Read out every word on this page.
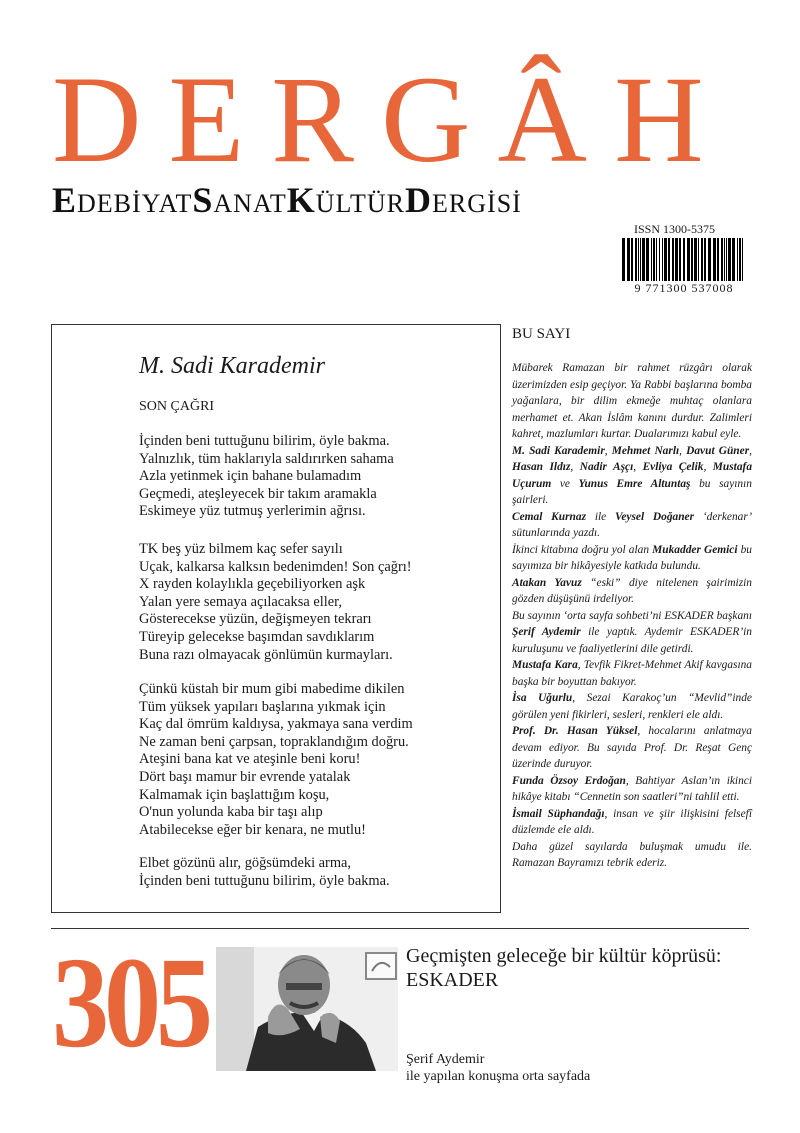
DERGÂH
EDEBİYATSANATKÜLTÜRDERGİSİ
ISSN 1300-5375
9 771300 537008
M. Sadi Karademir
SON ÇAĞRI
İçinden beni tuttuğunu bilirim, öyle bakma.
Yalnızlık, tüm haklarıyla saldırırken sahama
Azla yetinmek için bahane bulamadım
Geçmedi, ateşleyecek bir takım aramakla
Eskimeye yüz tutmuş yerlerimin ağrısı.
TK beş yüz bilmem kaç sefer sayılı
Uçak, kalkarsa kalksın bedenimden! Son çağrı!
X rayden kolaylıkla geçebiliyorken aşk
Yalan yere semaya açılacaksa eller,
Gösterecekse yüzün, değişmeyen tekrarı
Türeyip gelecekse başımdan savdıklarım
Buna razı olmayacak gönlümün kurmayları.
Çünkü küstah bir mum gibi mabedime dikilen
Tüm yüksek yapıları başlarına yıkmak için
Kaç dal ömrüm kaldıysa, yakmaya sana verdim
Ne zaman beni çarpsan, topraklandığım doğru.
Ateşini bana kat ve ateşinle beni koru!
Dört başı mamur bir evrende yatalak
Kalmamak için başlattığım koşu,
O'nun yolunda kaba bir taşı alıp
Atabilecekse eğer bir kenara, ne mutlu!
Elbet gözünü alır, göğsümdeki arma,
İçinden beni tuttuğunu bilirim, öyle bakma.
BU SAYI

Mübarek Ramazan bir rahmet rüzgârı olarak üzerimizden esip geçiyor. Ya Rabbi başlarına bomba yağanlara, bir dilim ekmeğe muhtaç olanlara merhamet et. Akan İslâm kanını durdur. Zalimleri kahret, mazlumları kurtar. Dualarımızı kabul eyle.

M. Sadi Karademir, Mehmet Narlı, Davut Güner, Hasan Ildız, Nadir Aşçı, Evliya Çelik, Mustafa Uçurum ve Yunus Emre Altuntaş bu sayının şairleri.

Cemal Kurnaz ile Veysel Doğaner ‘derkenar’ sütunlarında yazdı.

İkinci kitabına doğru yol alan Mukadder Gemici bu sayımıza bir hikâyesiyle katkıda bulundu.

Atakan Yavuz “eski” diye nitelenen şairimizin gözden düşüşünü irdeliyor.

Bu sayının ‘orta sayfa sohbeti’ni ESKADER başkanı Şerif Aydemir ile yaptık. Aydemir ESKADER’in kuruluşunu ve faaliyetlerini dile getirdi.

Mustafa Kara, Tevfik Fikret-Mehmet Akif kavgasına başka bir boyuttan bakıyor.

İsa Uğurlu, Sezai Karakoç’un “Mevlid”inde görülen yeni fikirleri, sesleri, renkleri ele aldı.

Prof. Dr. Hasan Yüksel, hocalarını anlatmaya devam ediyor. Bu sayıda Prof. Dr. Reşat Genç üzerinde duruyor.

Funda Özsoy Erdoğan, Bahtiyar Aslan’ın ikinci hikâye kitabı “Cennetin son saatleri”ni tahlil etti.

İsmail Süphandağı, insan ve şiir ilişkisini felsefî düzlemde ele aldı.

Daha güzel sayılarda buluşmak umudu ile. Ramazan Bayramızı tebrik ederiz.

305	Geçmişten geleceğe bir kültür köprüsü: ESKADER
Şerif Aydemir
ile yapılan konuşma orta sayfada
